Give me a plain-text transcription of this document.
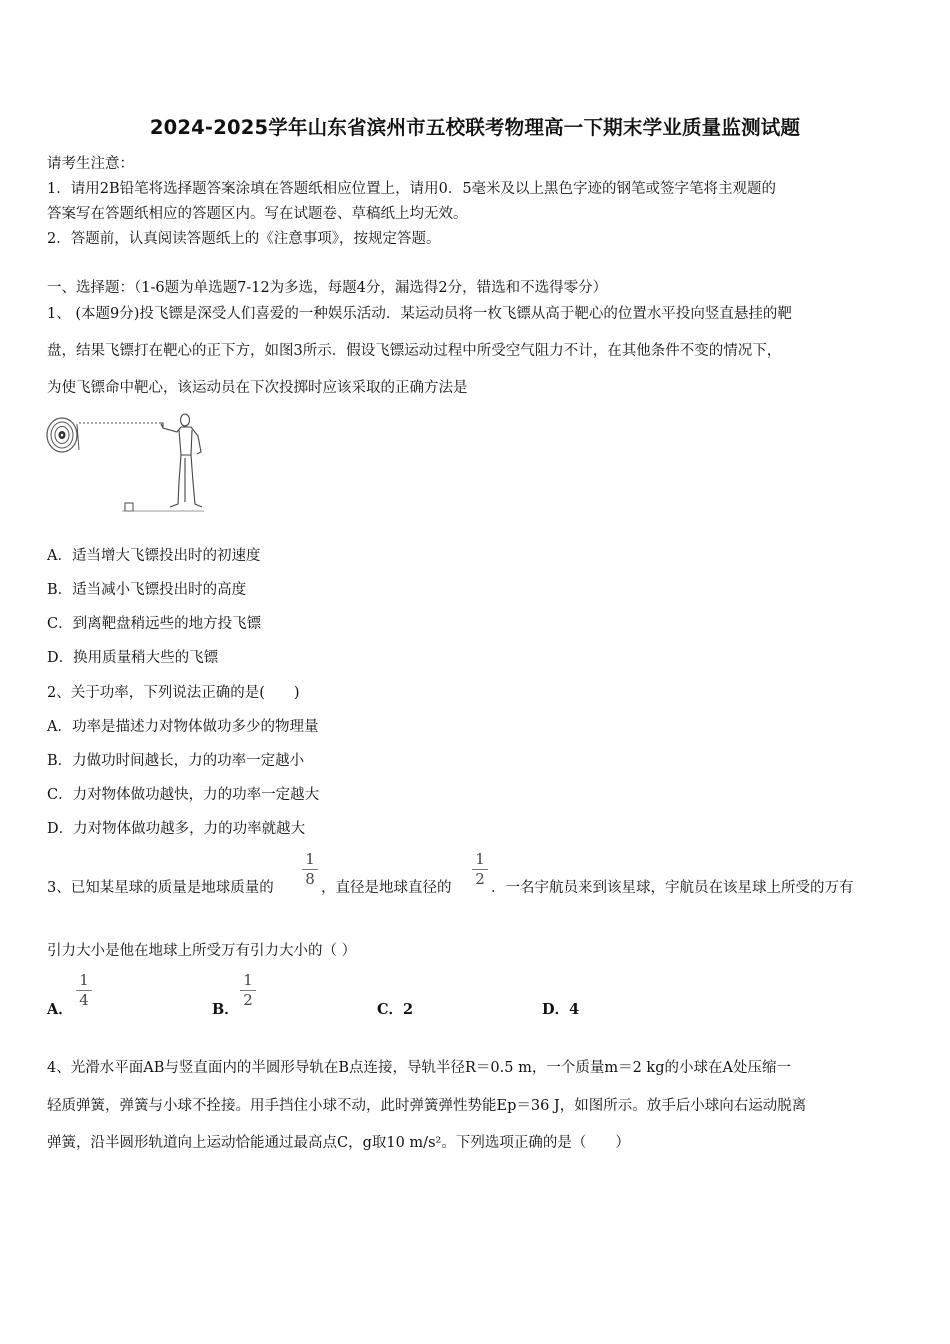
2024-2025学年山东省滨州市五校联考物理高一下期末学业质量监测试题
请考生注意：
1．请用2B铅笔将选择题答案涂填在答题纸相应位置上，请用0．5毫米及以上黑色字迹的钢笔或签字笔将主观题的
答案写在答题纸相应的答题区内。写在试题卷、草稿纸上均无效。
2．答题前，认真阅读答题纸上的《注意事项》，按规定答题。
一、选择题：（1-6题为单选题7-12为多选，每题4分，漏选得2分，错选和不选得零分）
1、 (本题9分)投飞镖是深受人们喜爱的一种娱乐活动．某运动员将一枚飞镖从高于靶心的位置水平投向竖直悬挂的靶
盘，结果飞镖打在靶心的正下方，如图3所示．假设飞镖运动过程中所受空气阻力不计，在其他条件不变的情况下，
为使飞镖命中靶心，该运动员在下次投掷时应该采取的正确方法是
A．适当增大飞镖投出时的初速度
B．适当减小飞镖投出时的高度
C．到离靶盘稍远些的地方投飞镖
D．换用质量稍大些的飞镖
2、关于功率，下列说法正确的是(　　)
A．功率是描述力对物体做功多少的物理量
B．力做功时间越长，力的功率一定越小
C．力对物体做功越快，力的功率一定越大
D．力对物体做功越多，力的功率就越大
3、已知某星球的质量是地球质量的
1
8 ，直径是地球直径的
1
2 ．一名宇航员来到该星球，宇航员在该星球上所受的万有
引力大小是他在地球上所受万有引力大小的（ ）
A．
1
4
B．
1
2
C．2	D．4
4、光滑水平面AB与竖直面内的半圆形导轨在B点连接，导轨半径R＝0.5 m，一个质量m＝2 kg的小球在A处压缩一
轻质弹簧，弹簧与小球不拴接。用手挡住小球不动，此时弹簧弹性势能Ep＝36 J，如图所示。放手后小球向右运动脱离
弹簧，沿半圆形轨道向上运动恰能通过最高点C，g取10 m/s²。下列选项正确的是（　　）
